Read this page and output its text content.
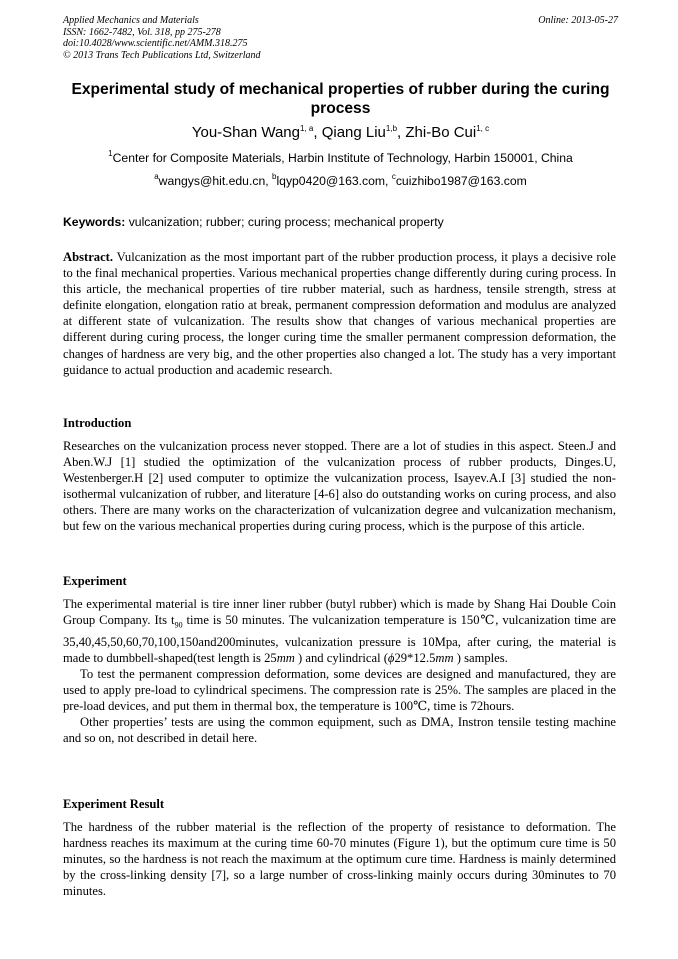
Applied Mechanics and Materials
ISSN: 1662-7482, Vol. 318, pp 275-278
doi:10.4028/www.scientific.net/AMM.318.275
© 2013 Trans Tech Publications Ltd, Switzerland
Online: 2013-05-27
Experimental study of mechanical properties of rubber during the curing process
You-Shan Wang$^{1, a}$, Qiang Liu$^{1,b}$, Zhi-Bo Cui$^{1, c}$
$^1$Center for Composite Materials, Harbin Institute of Technology, Harbin 150001, China
$^a$wangys@hit.edu.cn, $^b$lqyp0420@163.com, $^c$cuizhibo1987@163.com
Keywords: vulcanization; rubber; curing process; mechanical property

Abstract. Vulcanization as the most important part of the rubber production process, it plays a decisive role to the final mechanical properties. Various mechanical properties change differently during curing process. In this article, the mechanical properties of tire rubber material, such as hardness, tensile strength, stress at definite elongation, elongation ratio at break, permanent compression deformation and modulus are analyzed at different state of vulcanization. The results show that changes of various mechanical properties are different during curing process, the longer curing time the smaller permanent compression deformation, the changes of hardness are very big, and the other properties also changed a lot. The study has a very important guidance to actual production and academic research.

Introduction

Researches on the vulcanization process never stopped. There are a lot of studies in this aspect. Steen.J and Aben.W.J [1] studied the optimization of the vulcanization process of rubber products, Dinges.U, Westenberger.H [2] used computer to optimize the vulcanization process, Isayev.A.I [3] studied the non-isothermal vulcanization of rubber, and literature [4-6] also do outstanding works on curing process, and also others. There are many works on the characterization of vulcanization degree and vulcanization mechanism, but few on the various mechanical properties during curing process, which is the purpose of this article.

Experiment

The experimental material is tire inner liner rubber (butyl rubber) which is made by Shang Hai Double Coin Group Company. Its $t_{90}$ time is 50 minutes. The vulcanization temperature is 150℃, vulcanization time are 35,40,45,50,60,70,100,150and200minutes, vulcanization pressure is 10Mpa, after curing, the material is made to dumbbell-shaped(test length is 25mm ) and cylindrical (ϕ29*12.5mm ) samples.

To test the permanent compression deformation, some devices are designed and manufactured, they are used to apply pre-load to cylindrical specimens. The compression rate is 25%. The samples are placed in the pre-load devices, and put them in thermal box, the temperature is 100℃, time is 72hours.

Other properties’ tests are using the common equipment, such as DMA, Instron tensile testing machine and so on, not described in detail here.

Experiment Result

The hardness of the rubber material is the reflection of the property of resistance to deformation. The hardness reaches its maximum at the curing time 60-70 minutes (Figure 1), but the optimum cure time is 50 minutes, so the hardness is not reach the maximum at the optimum cure time. Hardness is mainly determined by the cross-linking density [7], so a large number of cross-linking mainly occurs during 30minutes to 70 minutes.
